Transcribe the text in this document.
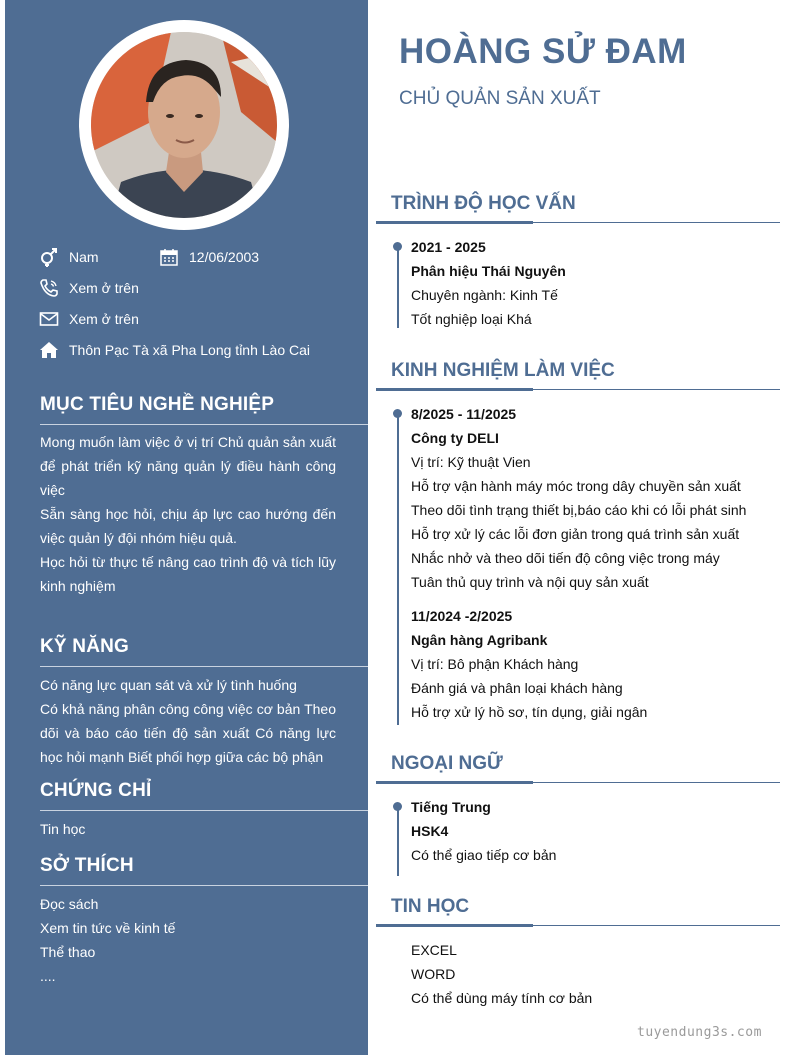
Nam	12/06/2003
Xem ở trên
Xem ở trên
Thôn Pạc Tà xã Pha Long tỉnh Lào Cai
MỤC TIÊU NGHỀ NGHIỆP

Mong muốn làm việc ở vị trí Chủ quản sản xuất để phát triển kỹ năng quản lý điều hành công việc

Sẵn sàng học hỏi, chịu áp lực cao hướng đến việc quản lý đội nhóm hiệu quả.

Học hỏi từ thực tế nâng cao trình độ và tích lũy kinh nghiệm

KỸ NĂNG

Có năng lực quan sát và xử lý tình huống

Có khả năng phân công công việc cơ bản Theo dõi và báo cáo tiến độ sản xuất Có năng lực học hỏi mạnh Biết phối hợp giữa các bộ phận

CHỨNG CHỈ

Tin học

SỞ THÍCH

Đọc sách

Xem tin tức về kinh tế

Thể thao

....

HOÀNG SỬ ĐAM
CHỦ QUẢN SẢN XUẤT
TRÌNH ĐỘ HỌC VẤN
2021 - 2025
Phân hiệu Thái Nguyên
Chuyên ngành: Kinh Tế
Tốt nghiệp loại Khá
KINH NGHIỆM LÀM VIỆC
8/2025 - 11/2025
Công ty DELI
Vị trí: Kỹ thuật Vien
Hỗ trợ vận hành máy móc trong dây chuyền sản xuất
Theo dõi tình trạng thiết bị,báo cáo khi có lỗi phát sinh
Hỗ trợ xử lý các lỗi đơn giản trong quá trình sản xuất
Nhắc nhở và theo dõi tiến độ công việc trong máy
Tuân thủ quy trình và nội quy sản xuất
11/2024 -2/2025
Ngân hàng Agribank
Vị trí: Bô phận Khách hàng
Đánh giá và phân loại khách hàng
Hỗ trợ xử lý hồ sơ, tín dụng, giải ngân
NGOẠI NGỮ
Tiếng Trung
HSK4
Có thể giao tiếp cơ bản
TIN HỌC
EXCEL
WORD
Có thể dùng máy tính cơ bản
tuyendung3s.com
